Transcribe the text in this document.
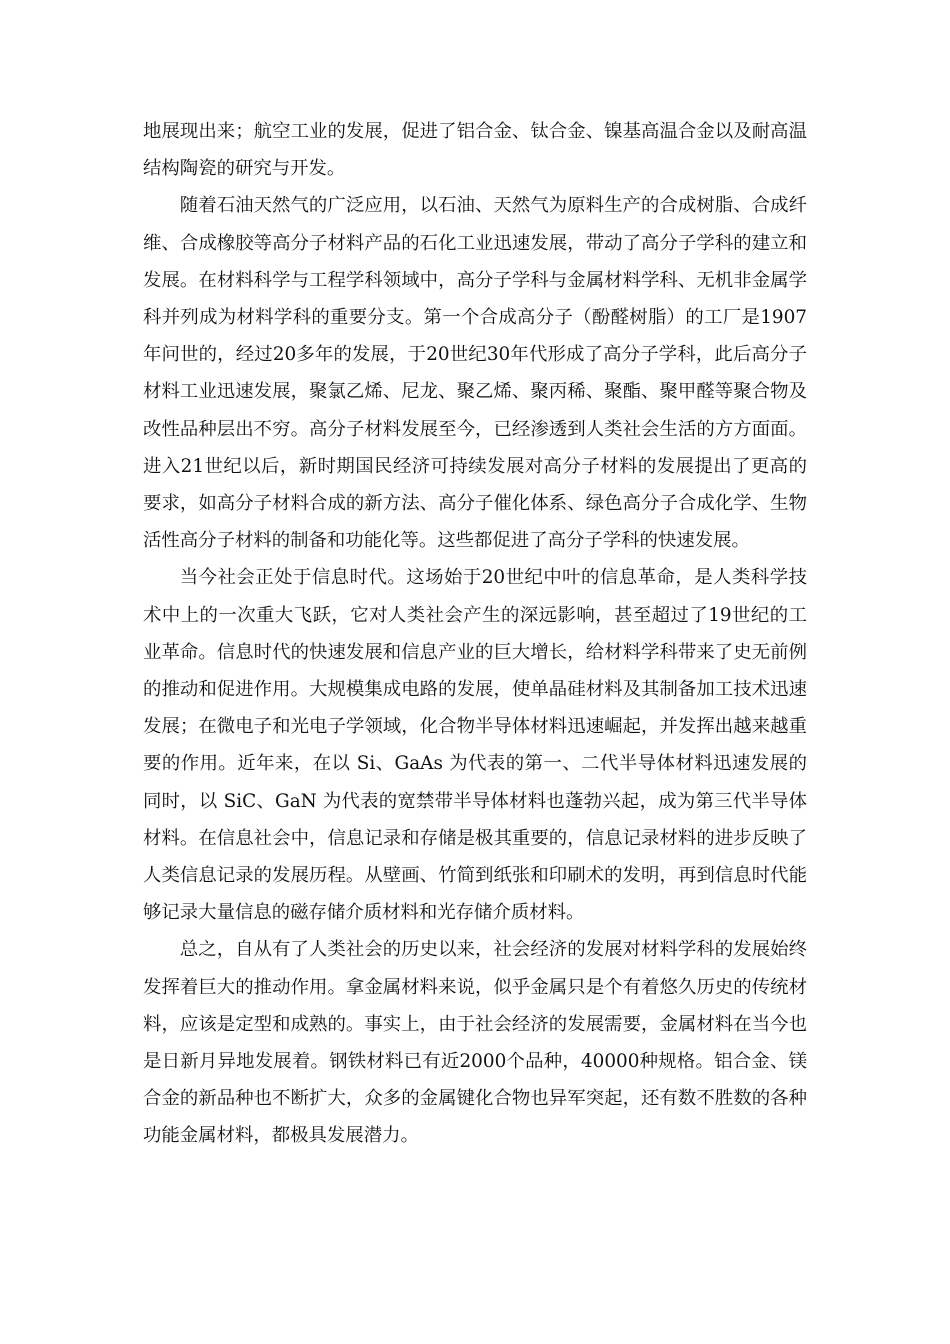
地展现出来；航空工业的发展，促进了铝合金、钛合金、镍基高温合金以及耐高温结构陶瓷的研究与开发。

随着石油天然气的广泛应用，以石油、天然气为原料生产的合成树脂、合成纤维、合成橡胶等高分子材料产品的石化工业迅速发展，带动了高分子学科的建立和发展。在材料科学与工程学科领域中，高分子学科与金属材料学科、无机非金属学科并列成为材料学科的重要分支。第一个合成高分子（酚醛树脂）的工厂是1907年问世的，经过20多年的发展，于20世纪30年代形成了高分子学科，此后高分子材料工业迅速发展，聚氯乙烯、尼龙、聚乙烯、聚丙稀、聚酯、聚甲醛等聚合物及改性品种层出不穷。高分子材料发展至今，已经渗透到人类社会生活的方方面面。进入21世纪以后，新时期国民经济可持续发展对高分子材料的发展提出了更高的要求，如高分子材料合成的新方法、高分子催化体系、绿色高分子合成化学、生物活性高分子材料的制备和功能化等。这些都促进了高分子学科的快速发展。

当今社会正处于信息时代。这场始于20世纪中叶的信息革命，是人类科学技术中上的一次重大飞跃，它对人类社会产生的深远影响，甚至超过了19世纪的工业革命。信息时代的快速发展和信息产业的巨大增长，给材料学科带来了史无前例的推动和促进作用。大规模集成电路的发展，使单晶硅材料及其制备加工技术迅速发展；在微电子和光电子学领域，化合物半导体材料迅速崛起，并发挥出越来越重要的作用。近年来，在以 Si、GaAs 为代表的第一、二代半导体材料迅速发展的同时，以 SiC、GaN 为代表的宽禁带半导体材料也蓬勃兴起，成为第三代半导体材料。在信息社会中，信息记录和存储是极其重要的，信息记录材料的进步反映了人类信息记录的发展历程。从壁画、竹简到纸张和印刷术的发明，再到信息时代能够记录大量信息的磁存储介质材料和光存储介质材料。

总之，自从有了人类社会的历史以来，社会经济的发展对材料学科的发展始终发挥着巨大的推动作用。拿金属材料来说，似乎金属只是个有着悠久历史的传统材料，应该是定型和成熟的。事实上，由于社会经济的发展需要，金属材料在当今也是日新月异地发展着。钢铁材料已有近2000个品种，40000种规格。铝合金、镁合金的新品种也不断扩大，众多的金属键化合物也异军突起，还有数不胜数的各种功能金属材料，都极具发展潜力。
